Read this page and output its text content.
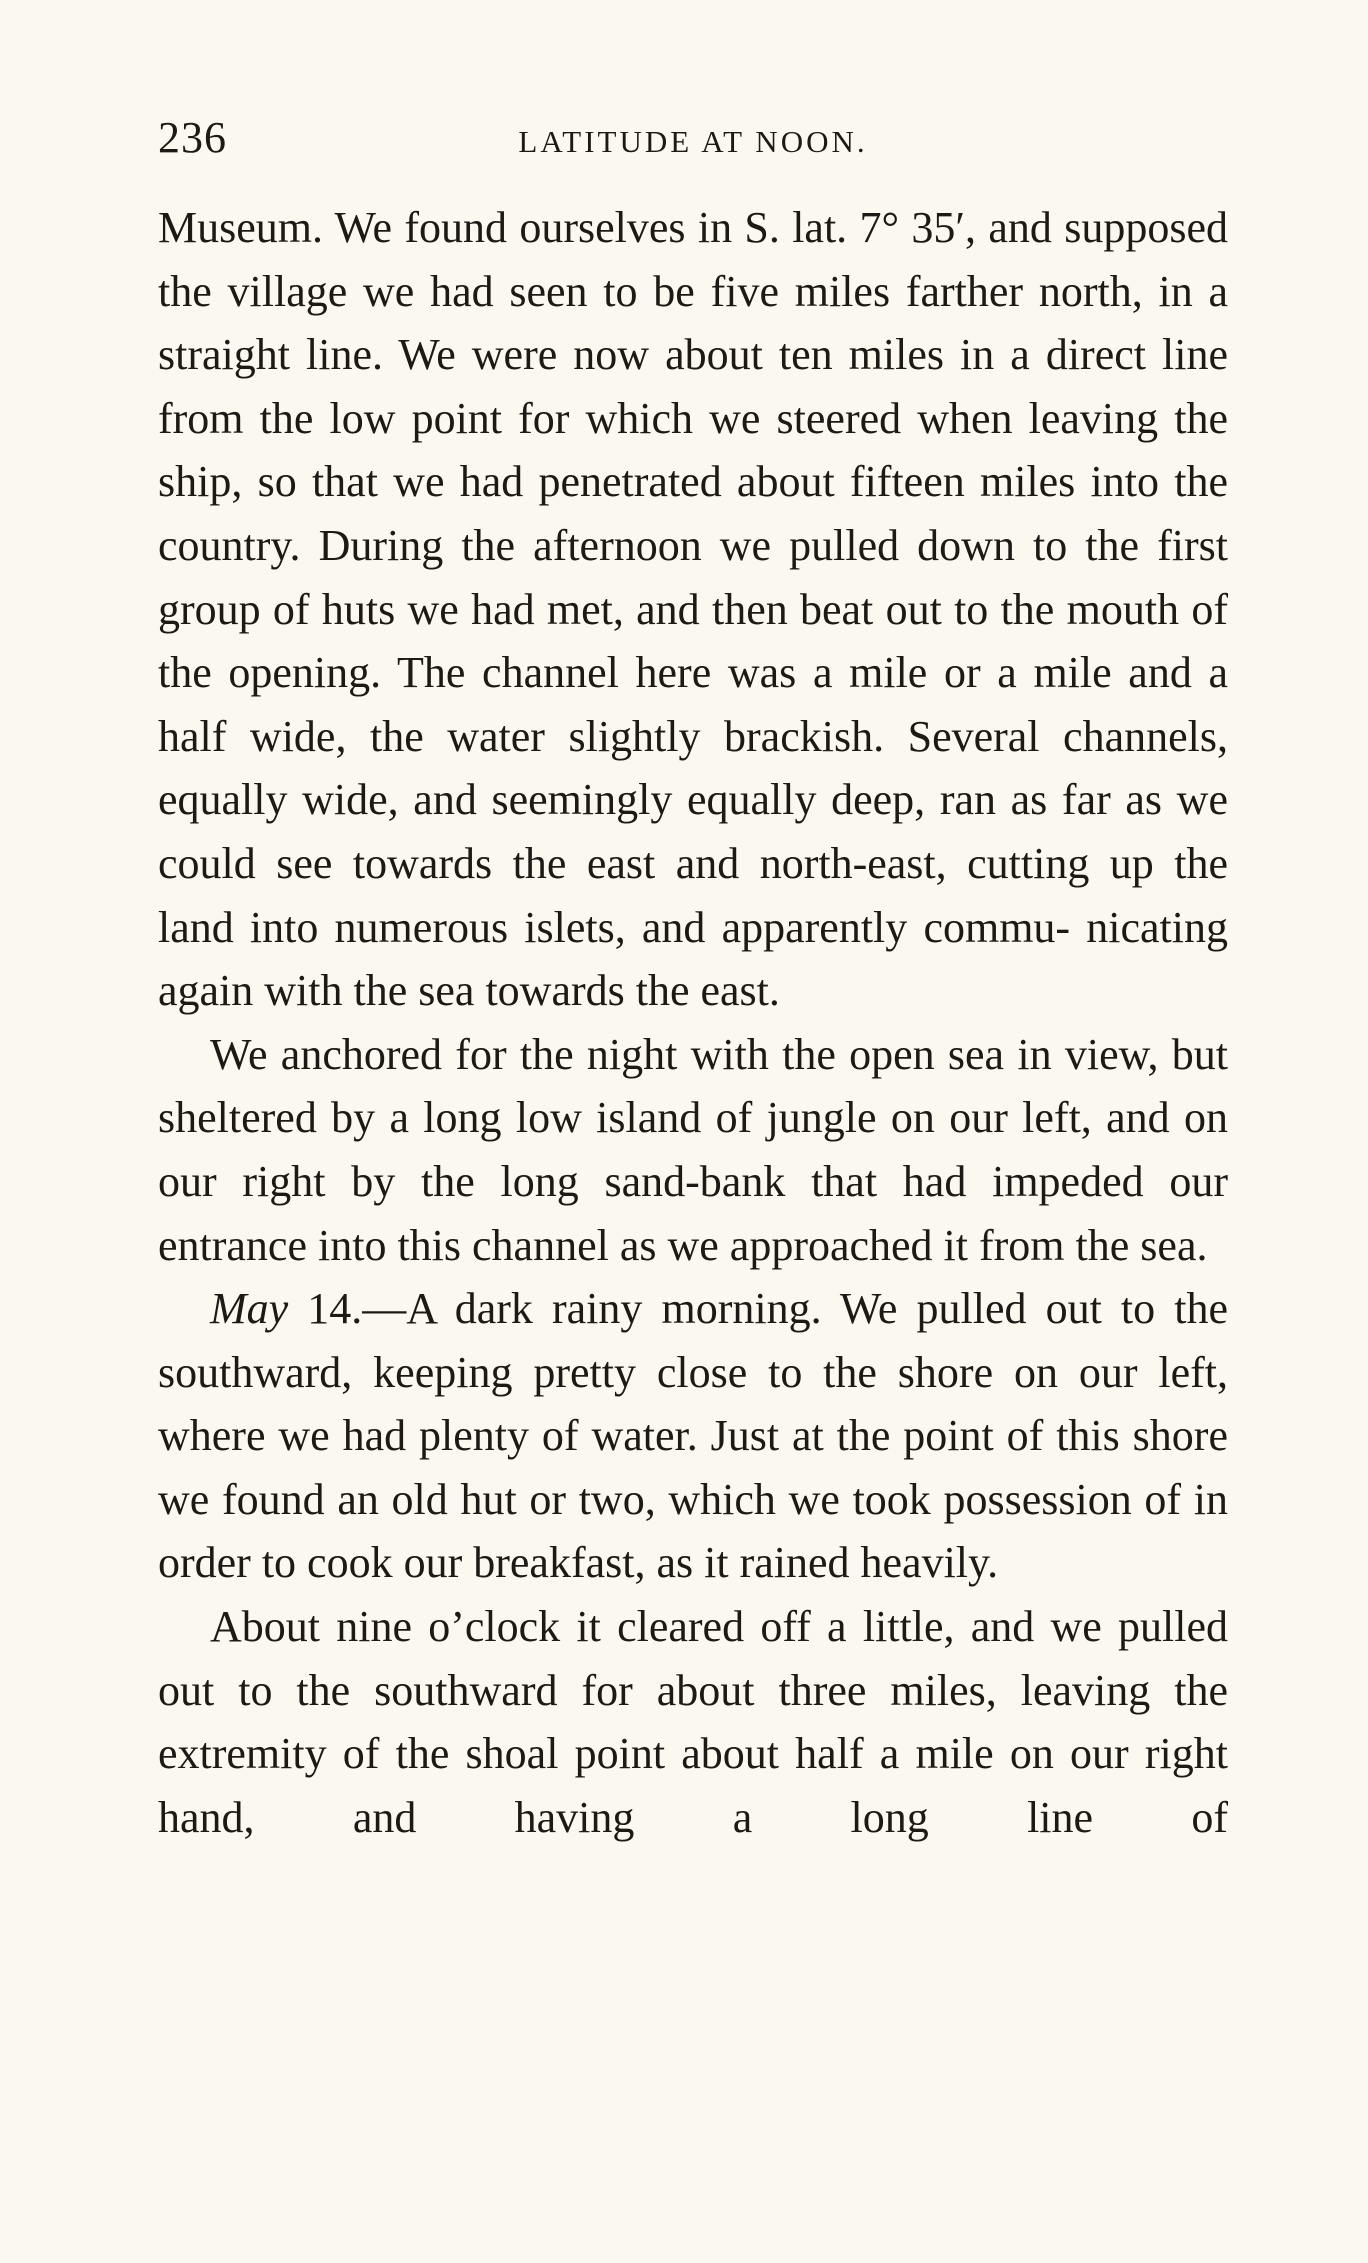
236	LATITUDE AT NOON.

Museum. We found ourselves in S. lat. 7° 35′, and supposed the village we had seen to be five miles farther north, in a straight line. We were now about ten miles in a direct line from the low point for which we steered when leaving the ship, so that we had penetrated about fifteen miles into the country. During the afternoon we pulled down to the first group of huts we had met, and then beat out to the mouth of the opening. The channel here was a mile or a mile and a half wide, the water slightly brackish. Several channels, equally wide, and seemingly equally deep, ran as far as we could see towards the east and north-east, cutting up the land into numerous islets, and apparently commu- nicating again with the sea towards the east.

We anchored for the night with the open sea in view, but sheltered by a long low island of jungle on our left, and on our right by the long sand-bank that had impeded our entrance into this channel as we approached it from the sea.

May 14.—A dark rainy morning. We pulled out to the southward, keeping pretty close to the shore on our left, where we had plenty of water. Just at the point of this shore we found an old hut or two, which we took possession of in order to cook our breakfast, as it rained heavily.

About nine o’clock it cleared off a little, and we pulled out to the southward for about three miles, leaving the extremity of the shoal point about half a mile on our right hand, and having a long line of
